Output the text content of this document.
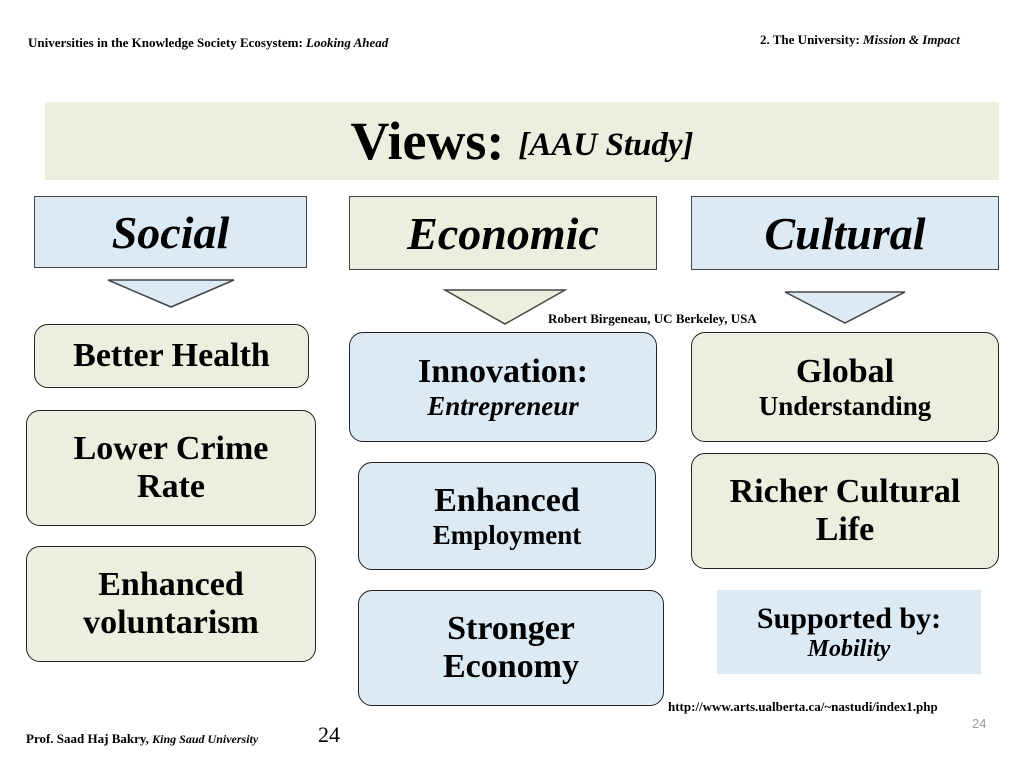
Universities in the Knowledge Society Ecosystem: Looking Ahead	2. The University: Mission & Impact
Views: [AAU Study]
Social	Economic	Cultural
Better Health
Lower Crime
Rate
Enhanced
voluntarism
Robert Birgeneau, UC Berkeley, USA
Innovation:
Entrepreneur
Enhanced
Employment
Stronger
Economy
Global
Understanding
Richer Cultural
Life
Supported by:
Mobility
http://www.arts.ualberta.ca/~nastudi/index1.php
24
Prof. Saad Haj Bakry, King Saud University	24
